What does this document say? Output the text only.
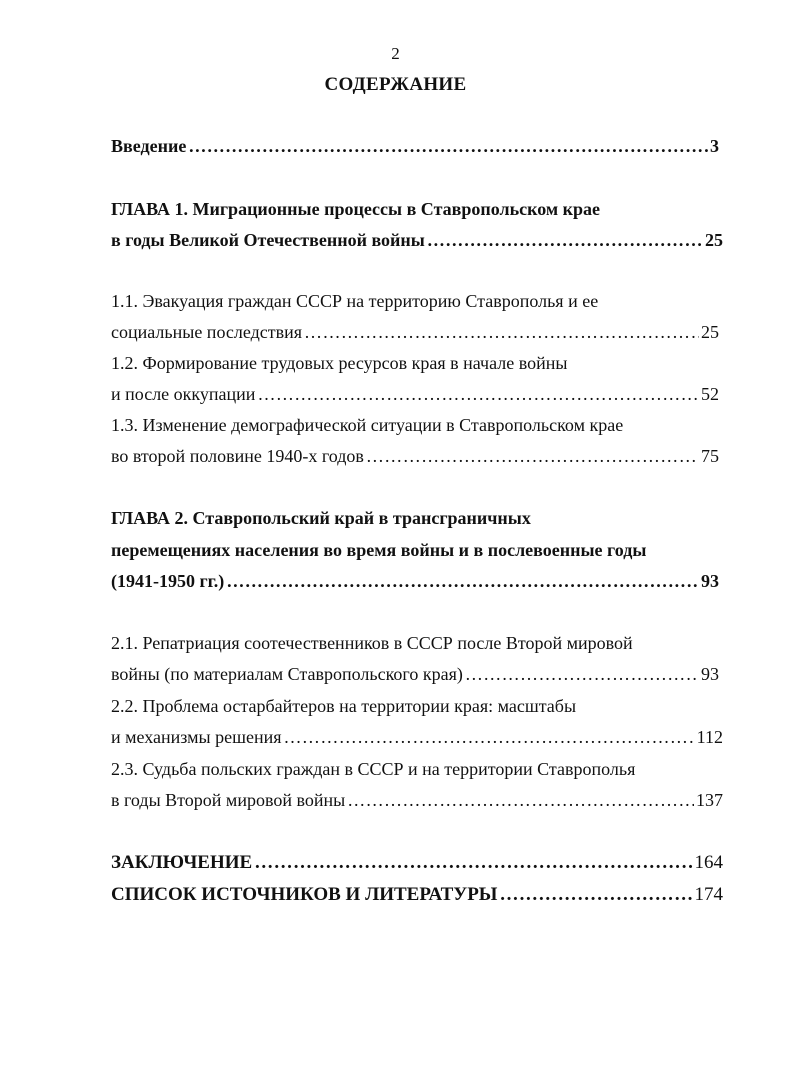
2
СОДЕРЖАНИЕ
Введение …………………………………………………………………………………………………………………………………………………………………………………………	3
ГЛАВА 1. Миграционные процессы в Ставропольском крае
в годы Великой Отечественной войны …………………………………………………………………………………………………………………………………………………………………………………………	25
1.1. Эвакуация граждан СССР на территорию Ставрополья и ее
социальные последствия …………………………………………………………………………………………………………………………………………………………………………………………	25
1.2. Формирование трудовых ресурсов края в начале войны
и после оккупации …………………………………………………………………………………………………………………………………………………………………………………………	52
1.3. Изменение демографической ситуации в Ставропольском крае
во второй половине 1940-х годов …………………………………………………………………………………………………………………………………………………………………………………………	75
ГЛАВА 2. Ставропольский край в трансграничных
перемещениях населения во время войны и в послевоенные годы
(1941-1950 гг.) …………………………………………………………………………………………………………………………………………………………………………………………	93
2.1. Репатриация соотечественников в СССР после Второй мировой
войны (по материалам Ставропольского края) …………………………………………………………………………………………………………………………………………………………………………………………	93
2.2. Проблема остарбайтеров на территории края: масштабы
и механизмы решения …………………………………………………………………………………………………………………………………………………………………………………………	112
2.3. Судьба польских граждан в СССР и на территории Ставрополья
в годы Второй мировой войны …………………………………………………………………………………………………………………………………………………………………………………………	137
ЗАКЛЮЧЕНИЕ …………………………………………………………………………………………………………………………………………………………………………………………	164
СПИСОК ИСТОЧНИКОВ И ЛИТЕРАТУРЫ …………………………………………………………………………………………………………………………………………………………………………………………	174
